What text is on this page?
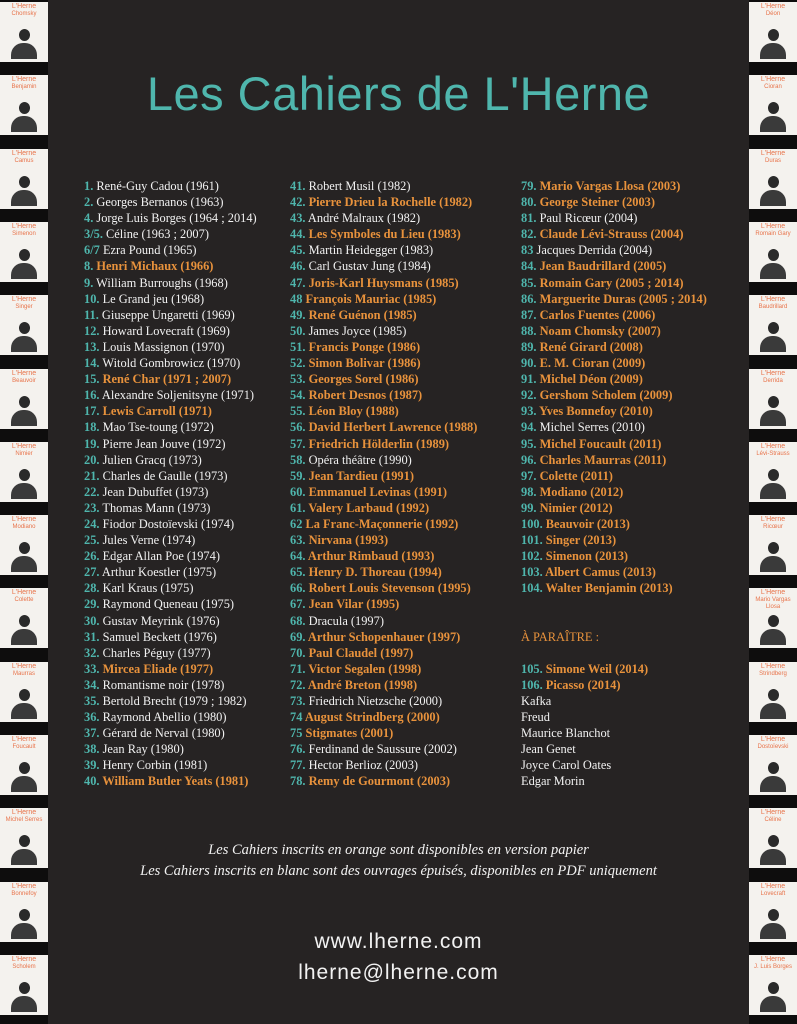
L'Herne
Chomsky
L'Herne
Benjamin
L'Herne
Camus
L'Herne
Simenon
L'Herne
Singer
L'Herne
Beauvoir
L'Herne
Nimier
L'Herne
Modiano
L'Herne
Colette
L'Herne
Maurras
L'Herne
Foucault
L'Herne
Michel Serres
L'Herne
Bonnefoy
L'Herne
Scholem
L'Herne
Déon
L'Herne
Cioran
L'Herne
Duras
L'Herne
Romain Gary
L'Herne
Baudrillard
L'Herne
Derrida
L'Herne
Lévi-Strauss
L'Herne
Ricœur
L'Herne
Mario Vargas Llosa
L'Herne
Strindberg
L'Herne
Dostoïevski
L'Herne
Céline
L'Herne
Lovecraft
L'Herne
J. Luis Borges
Les Cahiers de L'Herne
1. René-Guy Cadou (1961)
2. Georges Bernanos (1963)
4. Jorge Luis Borges (1964 ; 2014)
3/5. Céline (1963 ; 2007)
6/7 Ezra Pound (1965)
8. Henri Michaux (1966)
9. William Burroughs (1968)
10. Le Grand jeu (1968)
11. Giuseppe Ungaretti (1969)
12. Howard Lovecraft (1969)
13. Louis Massignon (1970)
14. Witold Gombrowicz (1970)
15. René Char (1971 ; 2007)
16. Alexandre Soljenitsyne (1971)
17. Lewis Carroll (1971)
18. Mao Tse-toung (1972)
19. Pierre Jean Jouve (1972)
20. Julien Gracq (1973)
21. Charles de Gaulle (1973)
22. Jean Dubuffet (1973)
23. Thomas Mann (1973)
24. Fiodor Dostoïevski (1974)
25. Jules Verne (1974)
26. Edgar Allan Poe (1974)
27. Arthur Koestler (1975)
28. Karl Kraus (1975)
29. Raymond Queneau (1975)
30. Gustav Meyrink (1976)
31. Samuel Beckett (1976)
32. Charles Péguy (1977)
33. Mircea Eliade (1977)
34. Romantisme noir (1978)
35. Bertold Brecht (1979 ; 1982)
36. Raymond Abellio (1980)
37. Gérard de Nerval (1980)
38. Jean Ray (1980)
39. Henry Corbin (1981)
40. William Butler Yeats (1981)
41. Robert Musil (1982)
42. Pierre Drieu la Rochelle (1982)
43. André Malraux (1982)
44. Les Symboles du Lieu (1983)
45. Martin Heidegger (1983)
46. Carl Gustav Jung (1984)
47. Joris-Karl Huysmans (1985)
48 François Mauriac (1985)
49. René Guénon (1985)
50. James Joyce (1985)
51. Francis Ponge (1986)
52. Simon Bolivar (1986)
53. Georges Sorel (1986)
54. Robert Desnos (1987)
55. Léon Bloy (1988)
56. David Herbert Lawrence (1988)
57. Friedrich Hölderlin (1989)
58. Opéra théâtre (1990)
59. Jean Tardieu (1991)
60. Emmanuel Levinas (1991)
61. Valery Larbaud (1992)
62 La Franc-Maçonnerie (1992)
63. Nirvana (1993)
64. Arthur Rimbaud (1993)
65. Henry D. Thoreau (1994)
66. Robert Louis Stevenson (1995)
67. Jean Vilar (1995)
68. Dracula (1997)
69. Arthur Schopenhauer (1997)
70. Paul Claudel (1997)
71. Victor Segalen (1998)
72. André Breton (1998)
73. Friedrich Nietzsche (2000)
74 August Strindberg (2000)
75 Stigmates (2001)
76. Ferdinand de Saussure (2002)
77. Hector Berlioz (2003)
78. Remy de Gourmont (2003)
79. Mario Vargas Llosa (2003)
80. George Steiner (2003)
81. Paul Ricœur (2004)
82. Claude Lévi-Strauss (2004)
83 Jacques Derrida (2004)
84. Jean Baudrillard (2005)
85. Romain Gary (2005 ; 2014)
86. Marguerite Duras (2005 ; 2014)
87. Carlos Fuentes (2006)
88. Noam Chomsky (2007)
89. René Girard (2008)
90. E. M. Cioran (2009)
91. Michel Déon (2009)
92. Gershom Scholem (2009)
93. Yves Bonnefoy (2010)
94. Michel Serres (2010)
95. Michel Foucault (2011)
96. Charles Maurras (2011)
97. Colette (2011)
98. Modiano (2012)
99. Nimier (2012)
100. Beauvoir (2013)
101. Singer (2013)
102. Simenon (2013)
103. Albert Camus (2013)
104. Walter Benjamin (2013)
À PARAÎTRE :
105. Simone Weil (2014)
106. Picasso (2014)
Kafka
Freud
Maurice Blanchot
Jean Genet
Joyce Carol Oates
Edgar Morin
Les Cahiers inscrits en orange sont disponibles en version papier
Les Cahiers inscrits en blanc sont des ouvrages épuisés, disponibles en PDF uniquement
www.lherne.com
lherne@lherne.com
